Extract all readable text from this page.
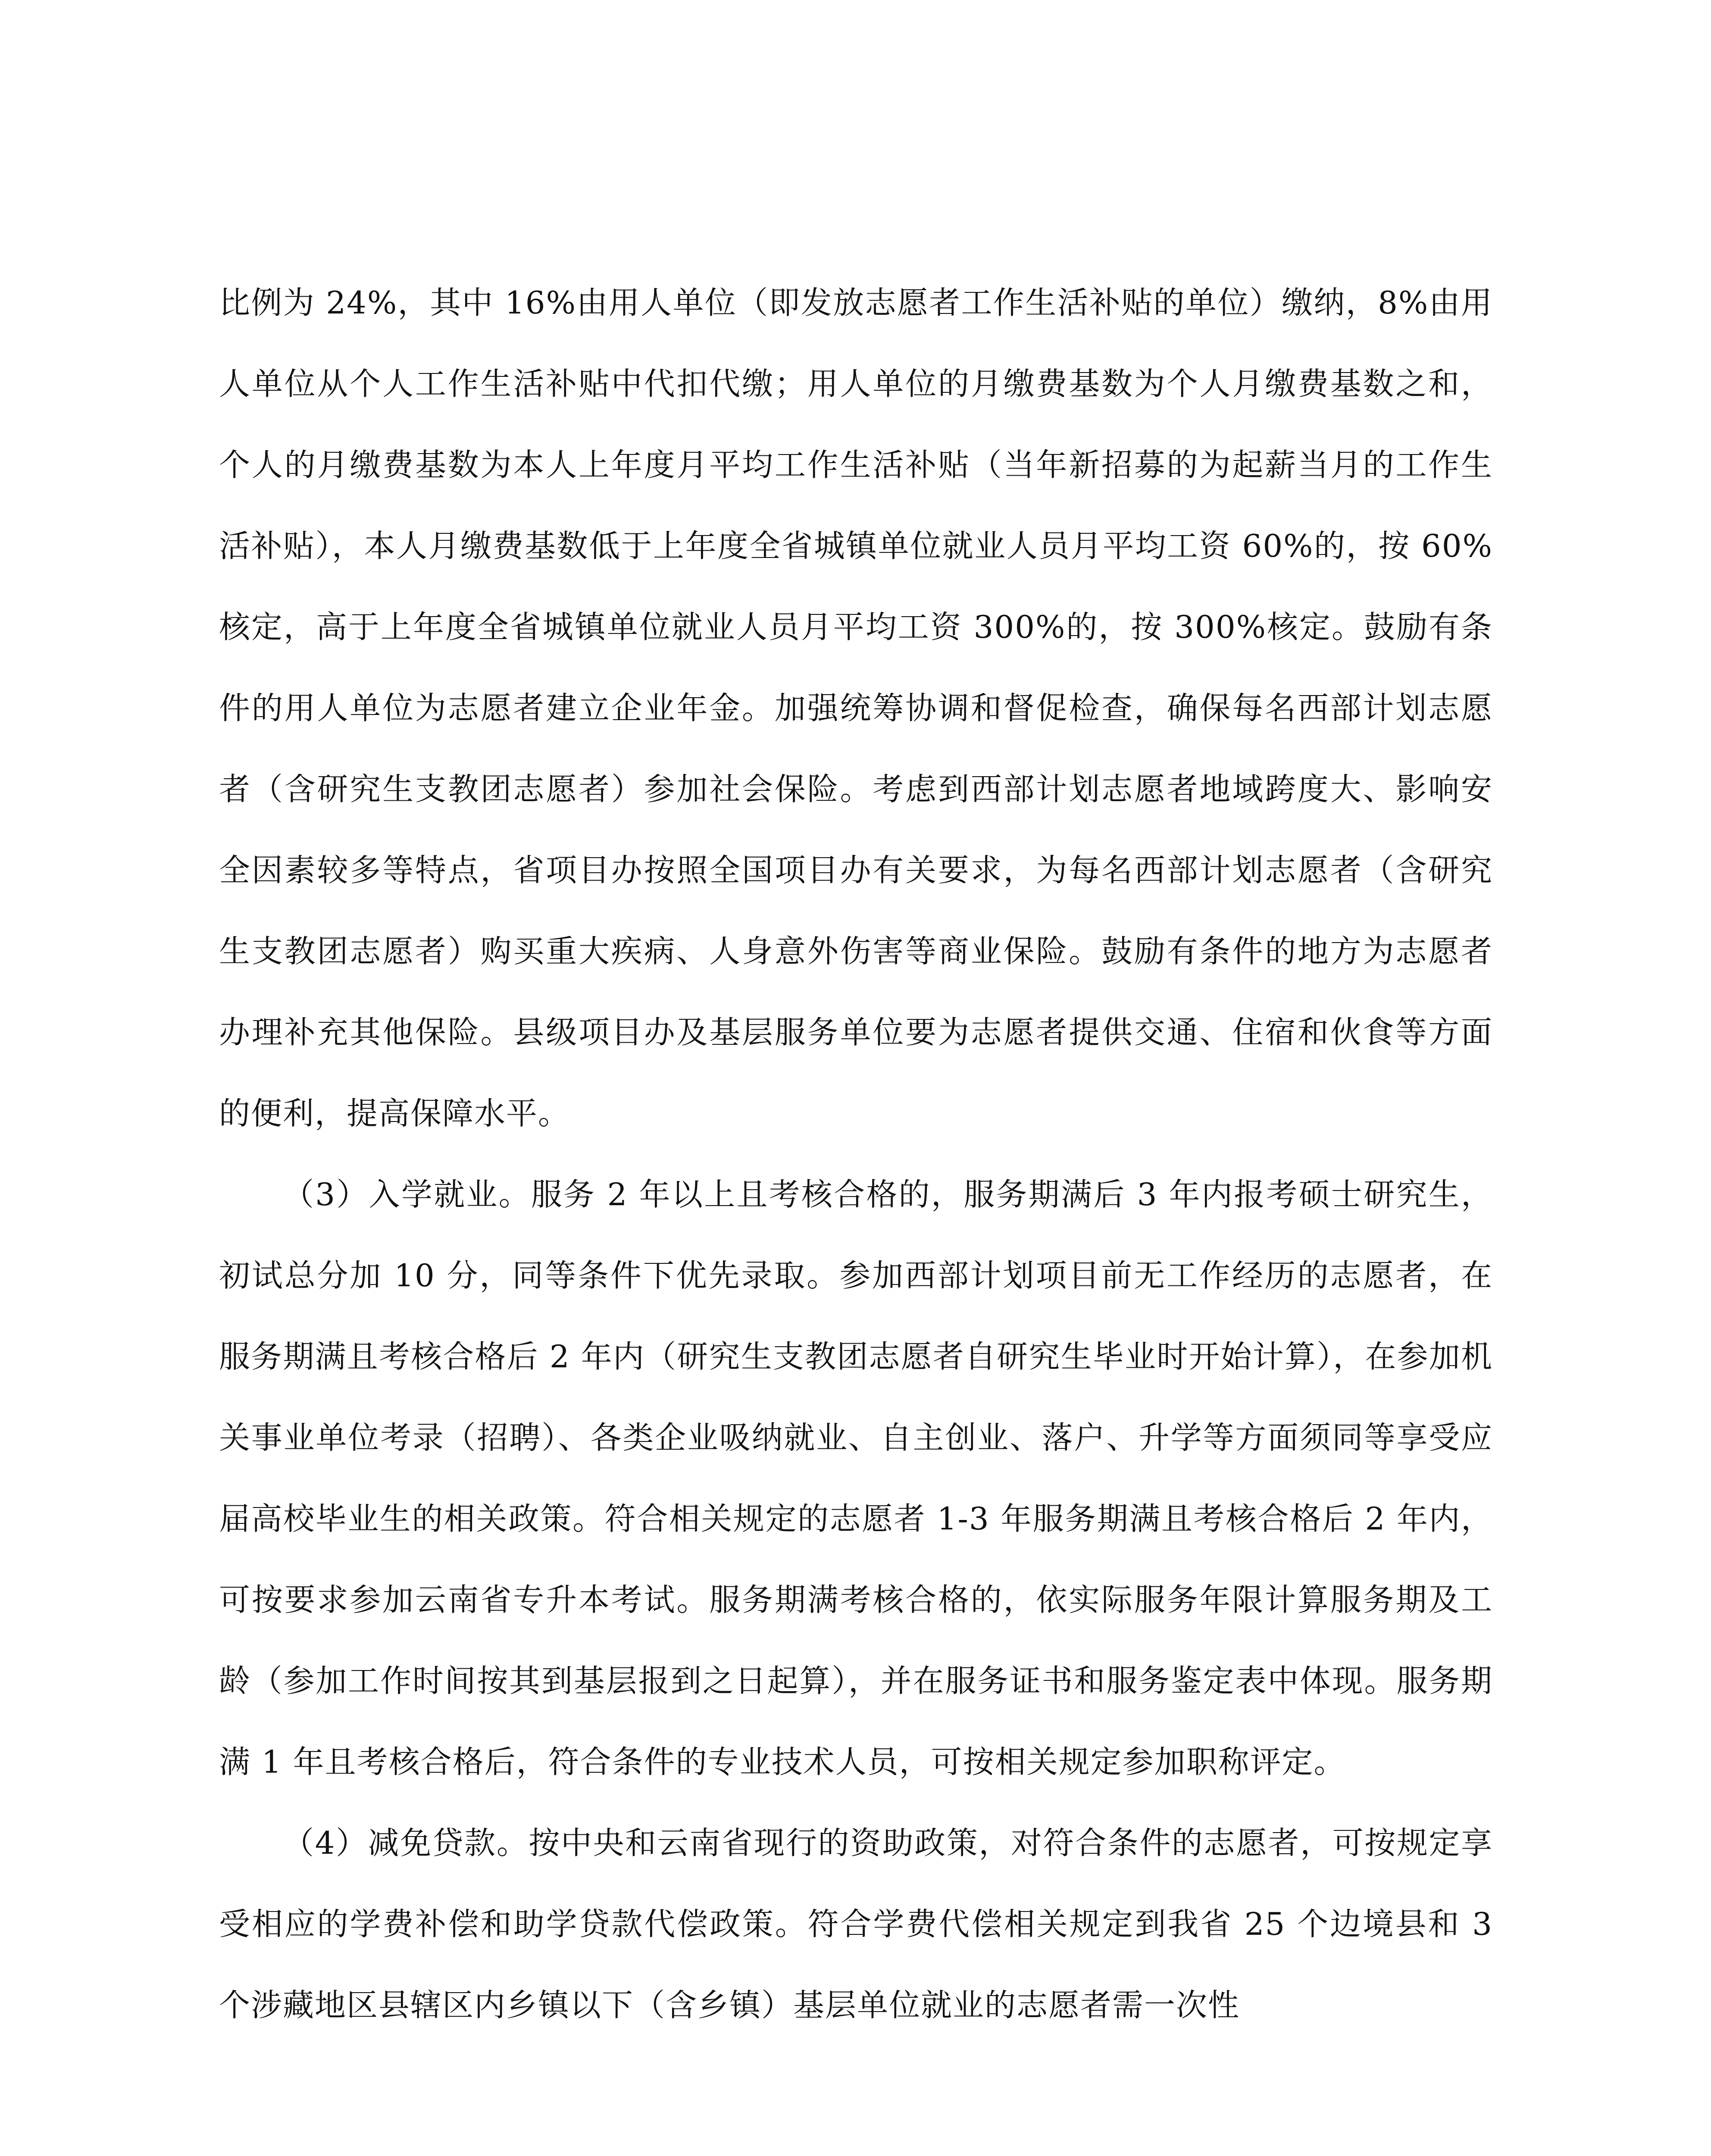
比例为 24%，其中 16%由用人单位（即发放志愿者工作生活补贴的单位）缴纳，8%由用人单位从个人工作生活补贴中代扣代缴；用人单位的月缴费基数为个人月缴费基数之和，个人的月缴费基数为本人上年度月平均工作生活补贴（当年新招募的为起薪当月的工作生活补贴），本人月缴费基数低于上年度全省城镇单位就业人员月平均工资 60%的，按 60%核定，高于上年度全省城镇单位就业人员月平均工资 300%的，按 300%核定。鼓励有条件的用人单位为志愿者建立企业年金。加强统筹协调和督促检查，确保每名西部计划志愿者（含研究生支教团志愿者）参加社会保险。考虑到西部计划志愿者地域跨度大、影响安全因素较多等特点，省项目办按照全国项目办有关要求，为每名西部计划志愿者（含研究生支教团志愿者）购买重大疾病、人身意外伤害等商业保险。鼓励有条件的地方为志愿者办理补充其他保险。县级项目办及基层服务单位要为志愿者提供交通、住宿和伙食等方面的便利，提高保障水平。

（3）入学就业。服务 2 年以上且考核合格的，服务期满后 3 年内报考硕士研究生，初试总分加 10 分，同等条件下优先录取。参加西部计划项目前无工作经历的志愿者，在服务期满且考核合格后 2 年内（研究生支教团志愿者自研究生毕业时开始计算），在参加机关事业单位考录（招聘）、各类企业吸纳就业、自主创业、落户、升学等方面须同等享受应届高校毕业生的相关政策。符合相关规定的志愿者 1-3 年服务期满且考核合格后 2 年内，可按要求参加云南省专升本考试。服务期满考核合格的，依实际服务年限计算服务期及工龄（参加工作时间按其到基层报到之日起算），并在服务证书和服务鉴定表中体现。服务期满 1 年且考核合格后，符合条件的专业技术人员，可按相关规定参加职称评定。

（4）减免贷款。按中央和云南省现行的资助政策，对符合条件的志愿者，可按规定享受相应的学费补偿和助学贷款代偿政策。符合学费代偿相关规定到我省 25 个边境县和 3 个涉藏地区县辖区内乡镇以下（含乡镇）基层单位就业的志愿者需一次性
